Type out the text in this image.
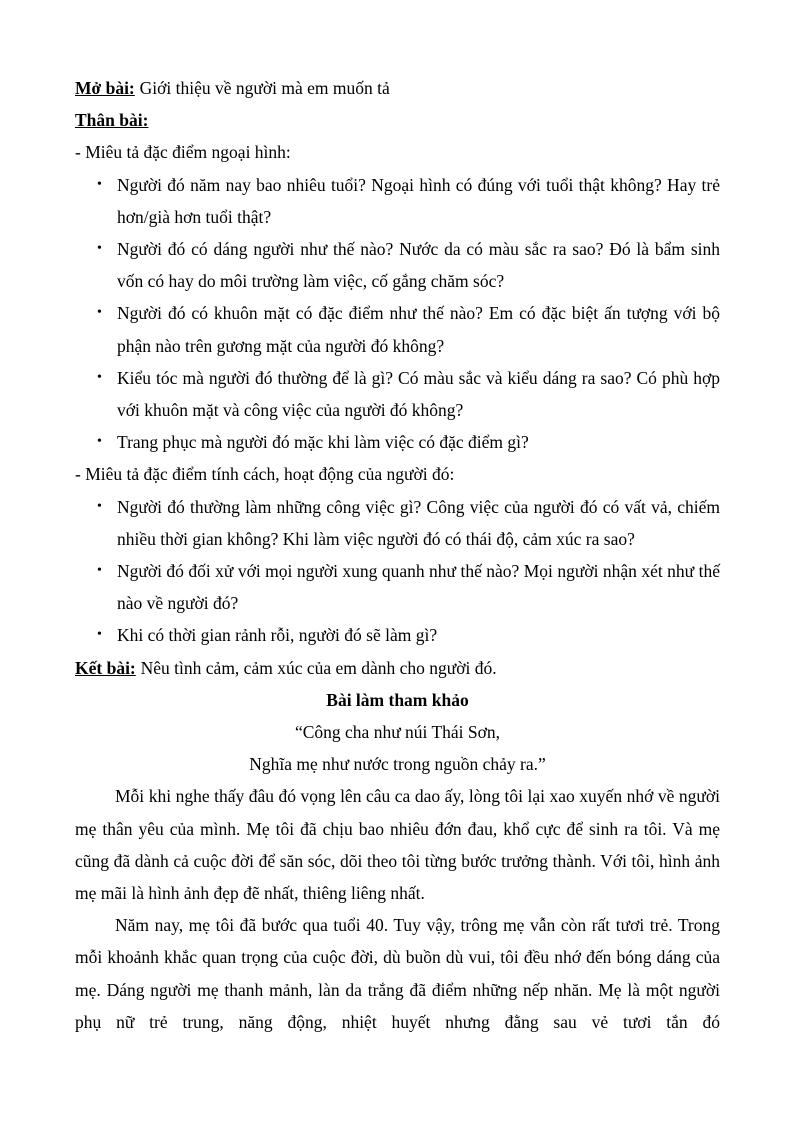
Mở bài: Giới thiệu về người mà em muốn tả
Thân bài:
- Miêu tả đặc điểm ngoại hình:
• Người đó năm nay bao nhiêu tuổi? Ngoại hình có đúng với tuổi thật không? Hay trẻ hơn/già hơn tuổi thật?
• Người đó có dáng người như thế nào? Nước da có màu sắc ra sao? Đó là bẩm sinh vốn có hay do môi trường làm việc, cố gắng chăm sóc?
• Người đó có khuôn mặt có đặc điểm như thế nào? Em có đặc biệt ấn tượng với bộ phận nào trên gương mặt của người đó không?
• Kiểu tóc mà người đó thường để là gì? Có màu sắc và kiểu dáng ra sao? Có phù hợp với khuôn mặt và công việc của người đó không?
• Trang phục mà người đó mặc khi làm việc có đặc điểm gì?
- Miêu tả đặc điểm tính cách, hoạt động của người đó:
• Người đó thường làm những công việc gì? Công việc của người đó có vất vả, chiếm nhiều thời gian không? Khi làm việc người đó có thái độ, cảm xúc ra sao?
• Người đó đối xử với mọi người xung quanh như thế nào? Mọi người nhận xét như thế nào về người đó?
• Khi có thời gian rảnh rỗi, người đó sẽ làm gì?
Kết bài: Nêu tình cảm, cảm xúc của em dành cho người đó.
Bài làm tham khảo
“Công cha như núi Thái Sơn,
Nghĩa mẹ như nước trong nguồn chảy ra.”
Mỗi khi nghe thấy đâu đó vọng lên câu ca dao ấy, lòng tôi lại xao xuyến nhớ về người mẹ thân yêu của mình. Mẹ tôi đã chịu bao nhiêu đớn đau, khổ cực để sinh ra tôi. Và mẹ cũng đã dành cả cuộc đời để săn sóc, dõi theo tôi từng bước trưởng thành. Với tôi, hình ảnh mẹ mãi là hình ảnh đẹp đẽ nhất, thiêng liêng nhất.
Năm nay, mẹ tôi đã bước qua tuổi 40. Tuy vậy, trông mẹ vẫn còn rất tươi trẻ. Trong mỗi khoảnh khắc quan trọng của cuộc đời, dù buồn dù vui, tôi đều nhớ đến bóng dáng của mẹ. Dáng người mẹ thanh mảnh, làn da trắng đã điểm những nếp nhăn. Mẹ là một người phụ nữ trẻ trung, năng động, nhiệt huyết nhưng đằng sau vẻ tươi tắn đó
